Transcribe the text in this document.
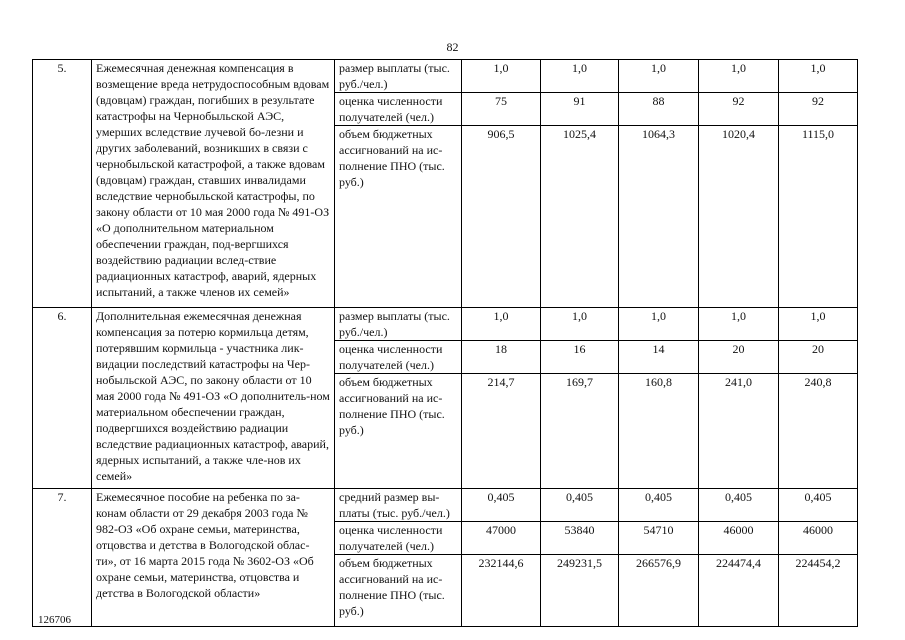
82
5.	Ежемесячная денежная компенсация в возмещение вреда нетрудоспособным вдовам (вдовцам) граждан, погибших в результате катастрофы на Чернобыльской АЭС, умерших вследствие лучевой бо-лезни и других заболеваний, возникших в связи с чернобыльской катастрофой, а также вдовам (вдовцам) граждан, ставших инвалидами вследствие чернобыльской катастрофы, по закону области от 10 мая 2000 года № 491-ОЗ «О дополнительном материальном обеспечении граждан, под-вергшихся воздействию радиации вслед-ствие радиационных катастроф, аварий, ядерных испытаний, а также членов их семей»	размер выплаты (тыс. руб./чел.)	1,0	1,0	1,0	1,0	1,0
		оценка численности получателей (чел.)	75	91	88	92	92
		объем бюджетных ассигнований на ис-полнение ПНО (тыс. руб.)	906,5	1025,4	1064,3	1020,4	1115,0
6.	Дополнительная ежемесячная денежная компенсация за потерю кормильца детям, потерявшим кормильца - участника лик-видации последствий катастрофы на Чер-нобыльской АЭС, по закону области от 10 мая 2000 года № 491-ОЗ «О дополнитель-ном материальном обеспечении граждан, подвергшихся воздействию радиации вследствие радиационных катастроф, аварий, ядерных испытаний, а также чле-нов их семей»	размер выплаты (тыс. руб./чел.)	1,0	1,0	1,0	1,0	1,0
		оценка численности получателей (чел.)	18	16	14	20	20
		объем бюджетных ассигнований на ис-полнение ПНО (тыс. руб.)	214,7	169,7	160,8	241,0	240,8
7.	Ежемесячное пособие на ребенка по за-конам области от 29 декабря 2003 года № 982-ОЗ «Об охране семьи, материнства, отцовства и детства в Вологодской облас-ти», от 16 марта 2015 года № 3602-ОЗ «Об охране семьи, материнства, отцовства и детства в Вологодской области»	средний размер вы-платы (тыс. руб./чел.)	0,405	0,405	0,405	0,405	0,405
		оценка численности получателей (чел.)	47000	53840	54710	46000	46000
		объем бюджетных ассигнований на ис-полнение ПНО (тыс. руб.)	232144,6	249231,5	266576,9	224474,4	224454,2
126706
